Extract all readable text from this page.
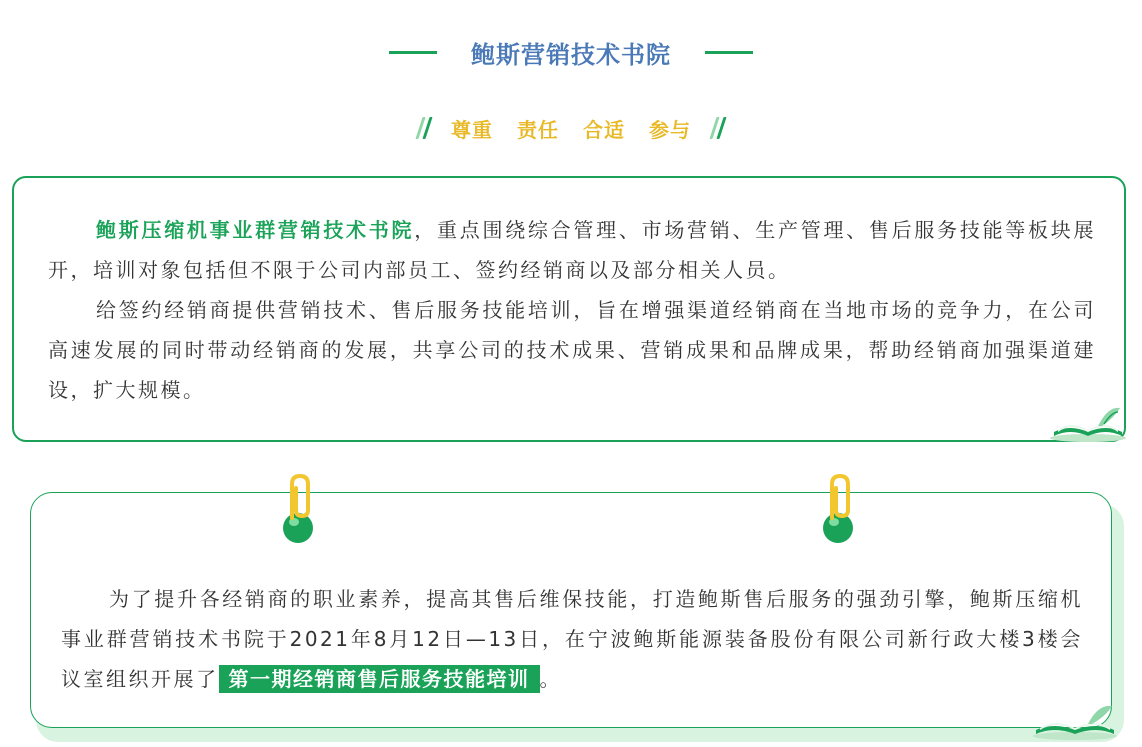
鲍斯营销技术书院
尊重 责任 合适 参与

鲍斯压缩机事业群营销技术书院，重点围绕综合管理、市场营销、生产管理、售后服务技能等板块展开，培训对象包括但不限于公司内部员工、签约经销商以及部分相关人员。

给签约经销商提供营销技术、售后服务技能培训，旨在增强渠道经销商在当地市场的竞争力，在公司高速发展的同时带动经销商的发展，共享公司的技术成果、营销成果和品牌成果，帮助经销商加强渠道建设，扩大规模。

为了提升各经销商的职业素养，提高其售后维保技能，打造鲍斯售后服务的强劲引擎，鲍斯压缩机事业群营销技术书院于2021年8月12日—13日，在宁波鲍斯能源装备股份有限公司新行政大楼3楼会议室组织开展了 第一期经销商售后服务技能培训 。
